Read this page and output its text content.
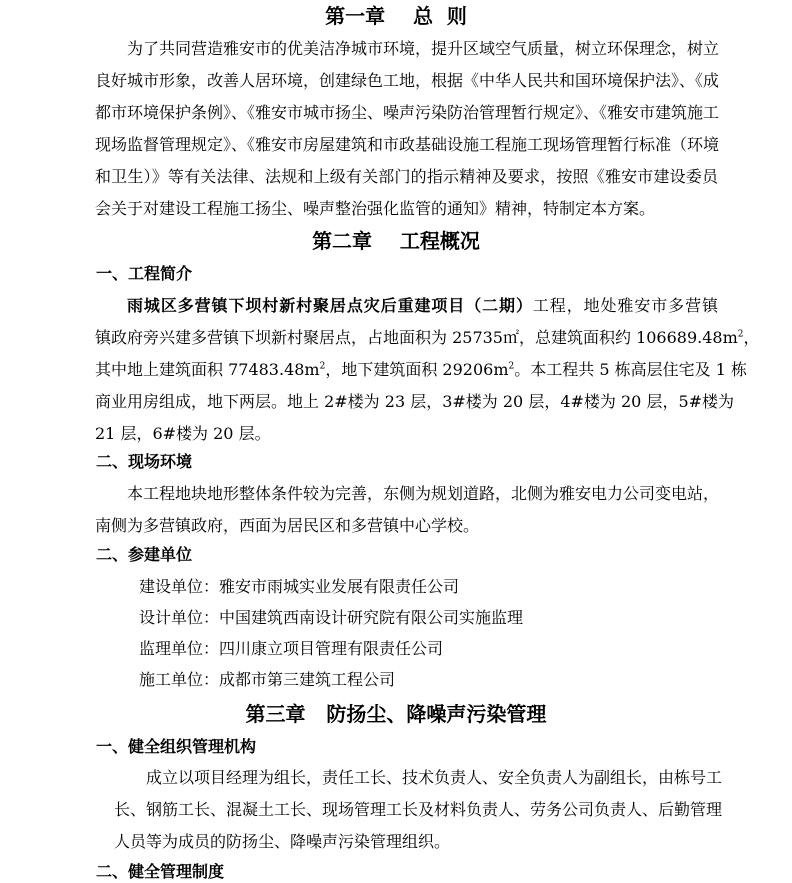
第一章    总  则
为了共同营造雅安市的优美洁净城市环境，提升区域空气质量，树立环保理念，树立
良好城市形象，改善人居环境，创建绿色工地，根据《中华人民共和国环境保护法》、《成
都市环境保护条例》、《雅安市城市扬尘、噪声污染防治管理暂行规定》、《雅安市建筑施工
现场监督管理规定》、《雅安市房屋建筑和市政基础设施工程施工现场管理暂行标准（环境
和卫生）》等有关法律、法规和上级有关部门的指示精神及要求，按照《雅安市建设委员
会关于对建设工程施工扬尘、噪声整治强化监管的通知》精神，特制定本方案。
第二章    工程概况
一、工程简介
雨城区多营镇下坝村新村聚居点灾后重建项目（二期）工程，地处雅安市多营镇
镇政府旁兴建多营镇下坝新村聚居点，占地面积为 25735㎡，总建筑面积约 $106689.48m^2$，
其中地上建筑面积 $77483.48m^2$，地下建筑面积 $29206m^2$。本工程共 5 栋高层住宅及 1 栋
商业用房组成，地下两层。地上 2#楼为 23 层，3#楼为 20 层，4#楼为 20 层，5#楼为
21 层，6#楼为 20 层。
二、现场环境
本工程地块地形整体条件较为完善，东侧为规划道路，北侧为雅安电力公司变电站，
南侧为多营镇政府，西面为居民区和多营镇中心学校。
二、参建单位
建设单位：雅安市雨城实业发展有限责任公司
设计单位：中国建筑西南设计研究院有限公司实施监理
监理单位：四川康立项目管理有限责任公司
施工单位：成都市第三建筑工程公司
第三章   防扬尘、降噪声污染管理
一、健全组织管理机构
成立以项目经理为组长，责任工长、技术负责人、安全负责人为副组长，由栋号工
长、钢筋工长、混凝土工长、现场管理工长及材料负责人、劳务公司负责人、后勤管理
人员等为成员的防扬尘、降噪声污染管理组织。
二、健全管理制度
